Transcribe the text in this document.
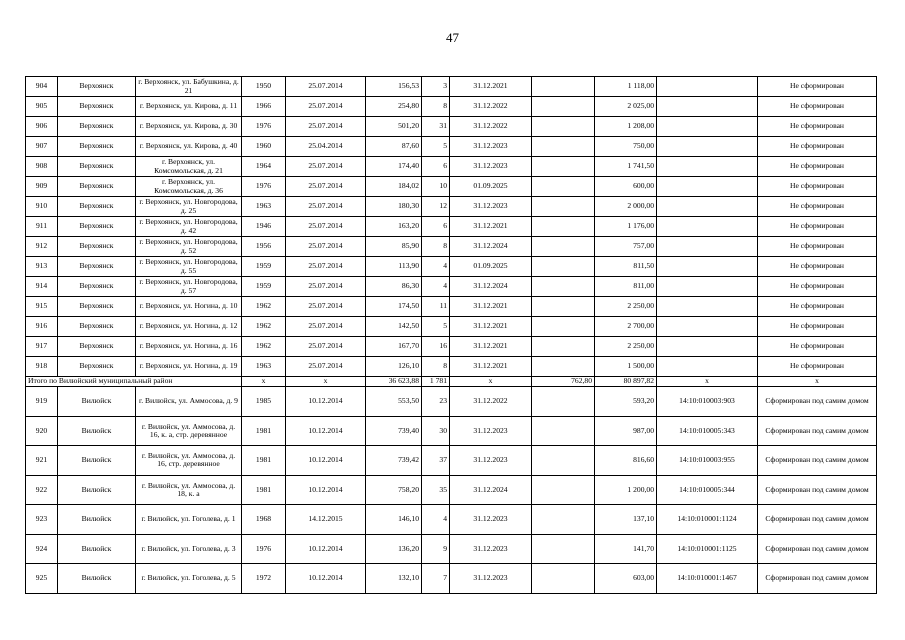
47
904	Верхоянск	г. Верхоянск, ул. Бабушкина, д. 21	1950	25.07.2014	156,53	3	31.12.2021		1 118,00		Не сформирован
905	Верхоянск	г. Верхоянск, ул. Кирова, д. 11	1966	25.07.2014	254,80	8	31.12.2022		2 025,00		Не сформирован
906	Верхоянск	г. Верхоянск, ул. Кирова, д. 30	1976	25.07.2014	501,20	31	31.12.2022		1 208,00		Не сформирован
907	Верхоянск	г. Верхоянск, ул. Кирова, д. 40	1960	25.04.2014	87,60	5	31.12.2023		750,00		Не сформирован
908	Верхоянск	г. Верхоянск, ул. Комсомольская, д. 21	1964	25.07.2014	174,40	6	31.12.2023		1 741,50		Не сформирован
909	Верхоянск	г. Верхоянск, ул. Комсомольская, д. 36	1976	25.07.2014	184,02	10	01.09.2025		600,00		Не сформирован
910	Верхоянск	г. Верхоянск, ул. Новгородова, д. 25	1963	25.07.2014	180,30	12	31.12.2023		2 000,00		Не сформирован
911	Верхоянск	г. Верхоянск, ул. Новгородова, д. 42	1946	25.07.2014	163,20	6	31.12.2021		1 176,00		Не сформирован
912	Верхоянск	г. Верхоянск, ул. Новгородова, д. 52	1956	25.07.2014	85,90	8	31.12.2024		757,00		Не сформирован
913	Верхоянск	г. Верхоянск, ул. Новгородова, д. 55	1959	25.07.2014	113,90	4	01.09.2025		811,50		Не сформирован
914	Верхоянск	г. Верхоянск, ул. Новгородова, д. 57	1959	25.07.2014	86,30	4	31.12.2024		811,00		Не сформирован
915	Верхоянск	г. Верхоянск, ул. Ногина, д. 10	1962	25.07.2014	174,50	11	31.12.2021		2 250,00		Не сформирован
916	Верхоянск	г. Верхоянск, ул. Ногина, д. 12	1962	25.07.2014	142,50	5	31.12.2021		2 700,00		Не сформирован
917	Верхоянск	г. Верхоянск, ул. Ногина, д. 16	1962	25.07.2014	167,70	16	31.12.2021		2 250,00		Не сформирован
918	Верхоянск	г. Верхоянск, ул. Ногина, д. 19	1963	25.07.2014	126,10	8	31.12.2021		1 500,00		Не сформирован
Итого по Вилюйский муниципальный район			x	x	36 623,88	1 781	x	762,80	80 897,82	x	x
919	Вилюйск	г. Вилюйск, ул. Аммосова, д. 9	1985	10.12.2014	553,50	23	31.12.2022		593,20	14:10:010003:903	Сформирован под самим домом
920	Вилюйск	г. Вилюйск, ул. Аммосова, д. 16, к. а, стр. деревянное	1981	10.12.2014	739,40	30	31.12.2023		987,00	14:10:010005:343	Сформирован под самим домом
921	Вилюйск	г. Вилюйск, ул. Аммосова, д. 16, стр. деревянное	1981	10.12.2014	739,42	37	31.12.2023		816,60	14:10:010003:955	Сформирован под самим домом
922	Вилюйск	г. Вилюйск, ул. Аммосова, д. 18, к. а	1981	10.12.2014	758,20	35	31.12.2024		1 200,00	14:10:010005:344	Сформирован под самим домом
923	Вилюйск	г. Вилюйск, ул. Гоголева, д. 1	1968	14.12.2015	146,10	4	31.12.2023		137,10	14:10:010001:1124	Сформирован под самим домом
924	Вилюйск	г. Вилюйск, ул. Гоголева, д. 3	1976	10.12.2014	136,20	9	31.12.2023		141,70	14:10:010001:1125	Сформирован под самим домом
925	Вилюйск	г. Вилюйск, ул. Гоголева, д. 5	1972	10.12.2014	132,10	7	31.12.2023		603,00	14:10:010001:1467	Сформирован под самим домом
